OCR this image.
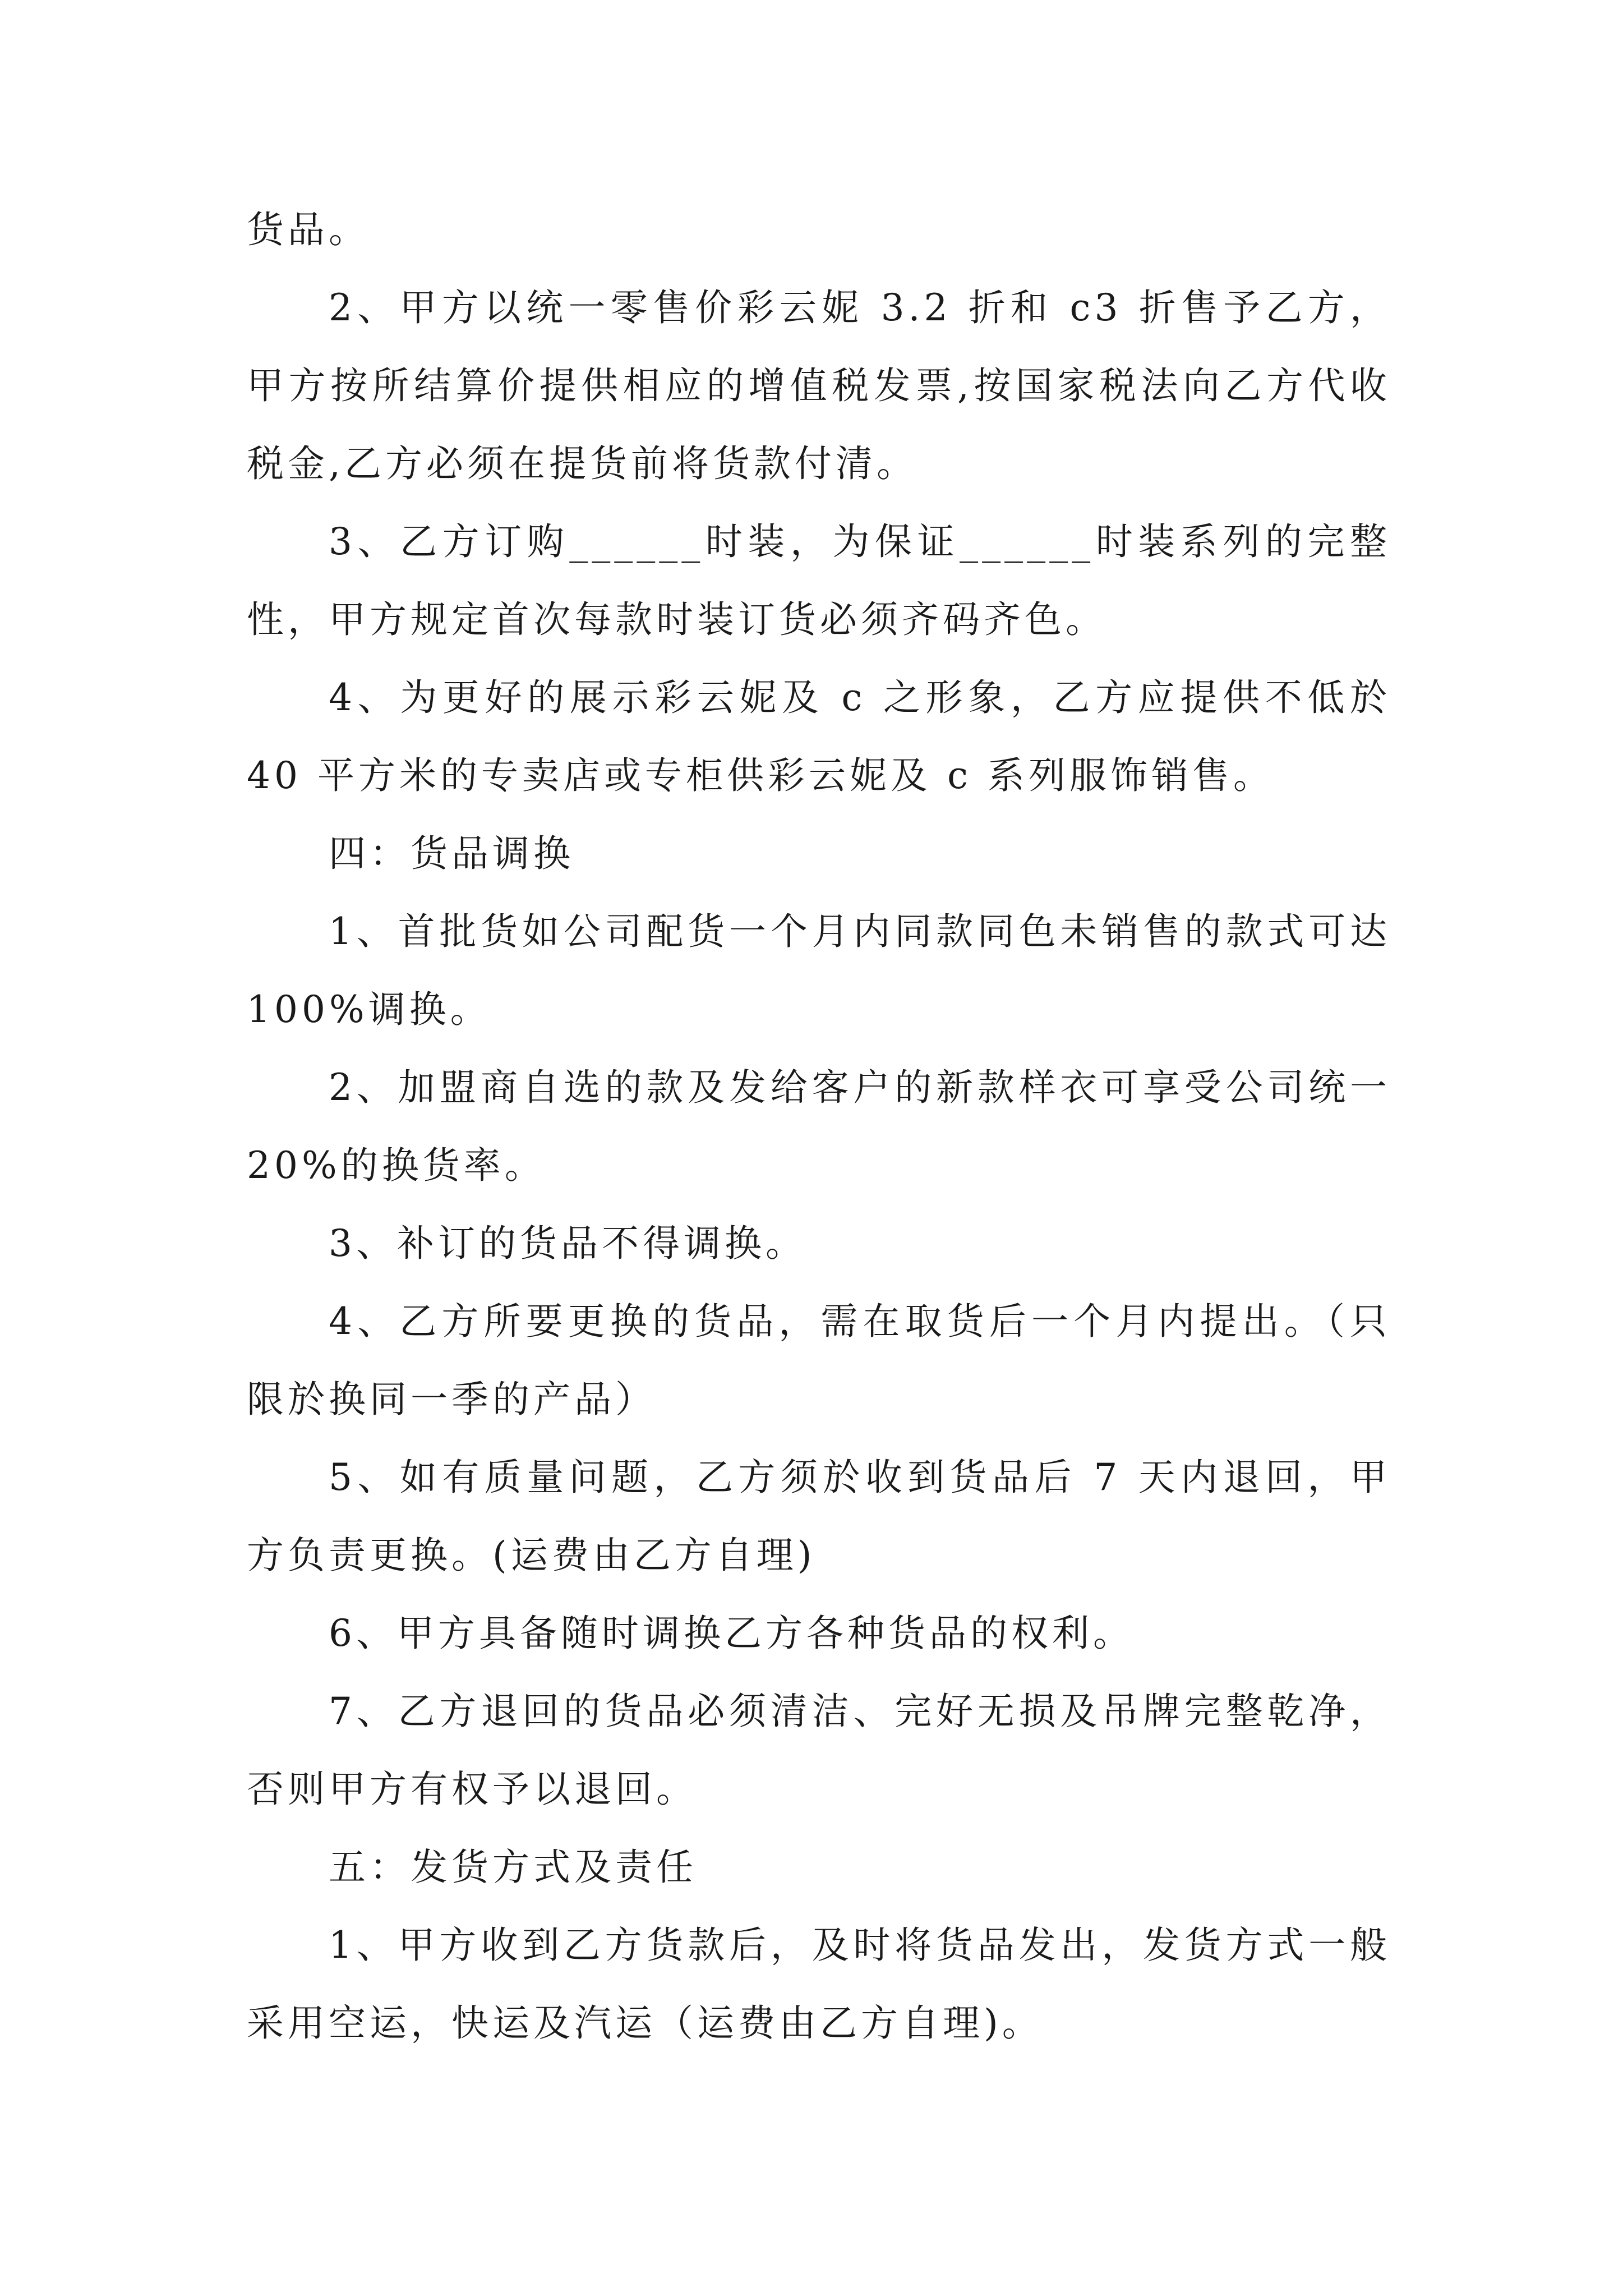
货品。

2、甲方以统一零售价彩云妮 3.2 折和 c3 折售予乙方，甲方按所结算价提供相应的增值税发票,按国家税法向乙方代收税金,乙方必须在提货前将货款付清。

3、乙方订购______时装，为保证______时装系列的完整性，甲方规定首次每款时装订货必须齐码齐色。

4、为更好的展示彩云妮及 c 之形象，乙方应提供不低於 40 平方米的专卖店或专柜供彩云妮及 c 系列服饰销售。

四：货品调换

1、首批货如公司配货一个月内同款同色未销售的款式可达 100%调换。

2、加盟商自选的款及发给客户的新款样衣可享受公司统一 20%的换货率。

3、补订的货品不得调换。

4、乙方所要更换的货品，需在取货后一个月内提出。（只限於换同一季的产品）

5、如有质量问题，乙方须於收到货品后 7 天内退回，甲方负责更换。(运费由乙方自理)

6、甲方具备随时调换乙方各种货品的权利。

7、乙方退回的货品必须清洁、完好无损及吊牌完整乾净，否则甲方有权予以退回。

五：发货方式及责任

1、甲方收到乙方货款后，及时将货品发出，发货方式一般采用空运，快运及汽运（运费由乙方自理)。
